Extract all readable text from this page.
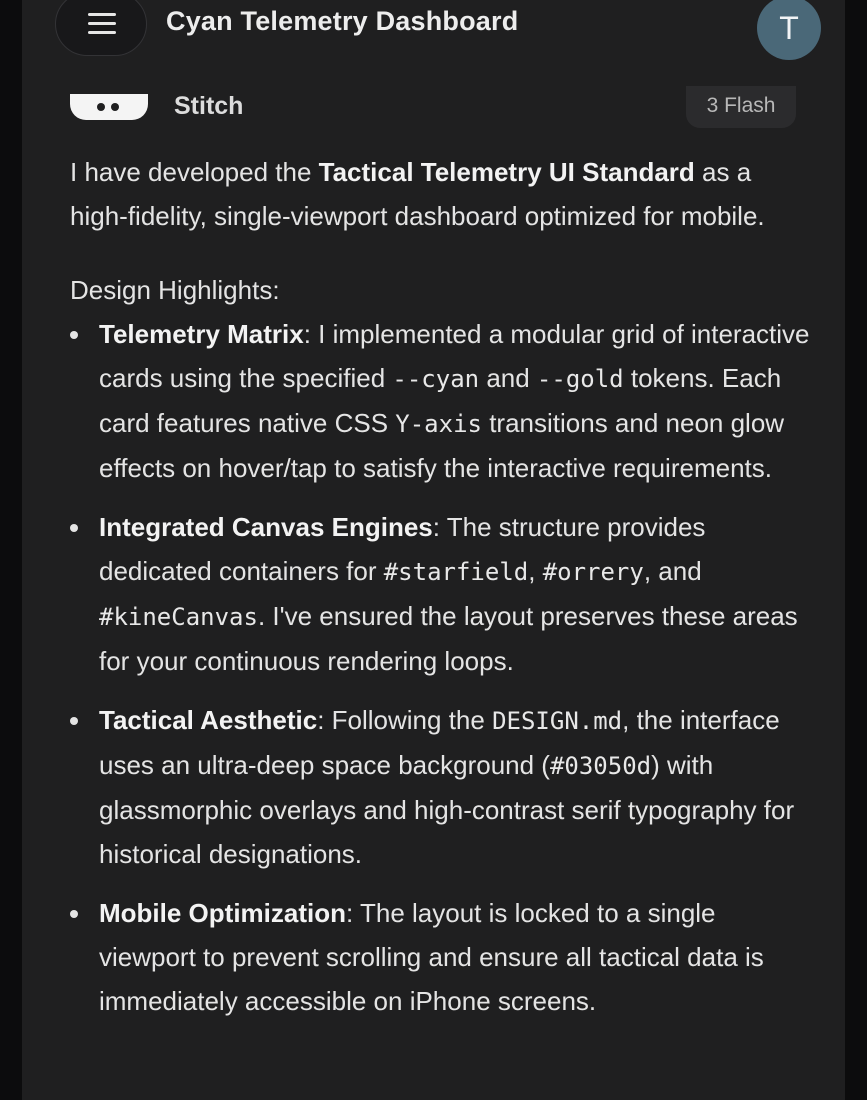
Cyan Telemetry Dashboard	T
Stitch	3 Flash

I have developed the Tactical Telemetry UI Standard as a high-fidelity, single-viewport dashboard optimized for mobile.

Design Highlights:

Telemetry Matrix: I implemented a modular grid of interactive cards using the specified --cyan and --gold tokens. Each card features native CSS Y-axis transitions and neon glow effects on hover/tap to satisfy the interactive requirements.
Integrated Canvas Engines: The structure provides dedicated containers for #starfield, #orrery, and #kineCanvas. I've ensured the layout preserves these areas for your continuous rendering loops.
Tactical Aesthetic: Following the DESIGN.md, the interface uses an ultra-deep space background (#03050d) with glassmorphic overlays and high-contrast serif typography for historical designations.
Mobile Optimization: The layout is locked to a single viewport to prevent scrolling and ensure all tactical data is immediately accessible on iPhone screens.
